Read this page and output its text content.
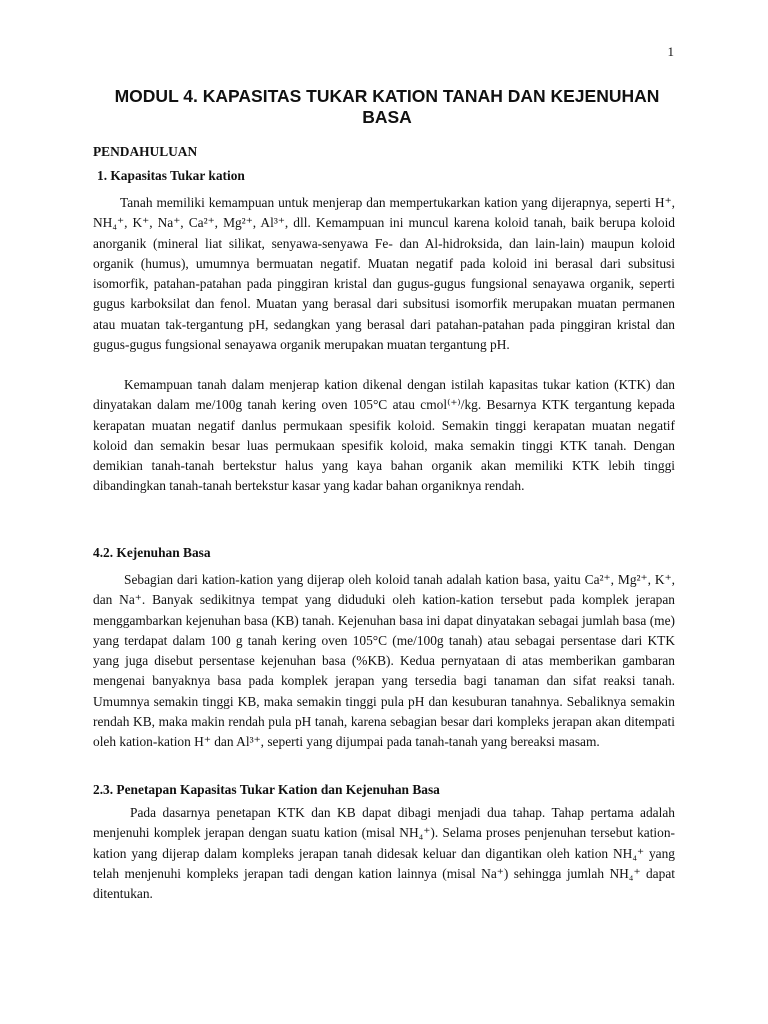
1
MODUL 4. KAPASITAS TUKAR KATION TANAH DAN KEJENUHAN BASA
PENDAHULUAN
1. Kapasitas Tukar kation

Tanah memiliki kemampuan untuk menjerap dan mempertukarkan kation yang dijerapnya, seperti H⁺, NH₄⁺, K⁺, Na⁺, Ca²⁺, Mg²⁺, Al³⁺, dll. Kemampuan ini muncul karena koloid tanah, baik berupa koloid anorganik (mineral liat silikat, senyawa-senyawa Fe- dan Al-hidroksida, dan lain-lain) maupun koloid organik (humus), umumnya bermuatan negatif. Muatan negatif pada koloid ini berasal dari subsitusi isomorfik, patahan-patahan pada pinggiran kristal dan gugus-gugus fungsional senayawa organik, seperti gugus karboksilat dan fenol. Muatan yang berasal dari subsitusi isomorfik merupakan muatan permanen atau muatan tak-tergantung pH, sedangkan yang berasal dari patahan-patahan pada pinggiran kristal dan gugus-gugus fungsional senayawa organik merupakan muatan tergantung pH.

Kemampuan tanah dalam menjerap kation dikenal dengan istilah kapasitas tukar kation (KTK) dan dinyatakan dalam me/100g tanah kering oven 105°C atau cmol⁽⁺⁾/kg. Besarnya KTK tergantung kepada kerapatan muatan negatif danlus permukaan spesifik koloid. Semakin tinggi kerapatan muatan negatif koloid dan semakin besar luas permukaan spesifik koloid, maka semakin tinggi KTK tanah. Dengan demikian tanah-tanah bertekstur halus yang kaya bahan organik akan memiliki KTK lebih tinggi dibandingkan tanah-tanah bertekstur kasar yang kadar bahan organiknya rendah.

4.2. Kejenuhan Basa

Sebagian dari kation-kation yang dijerap oleh koloid tanah adalah kation basa, yaitu Ca²⁺, Mg²⁺, K⁺, dan Na⁺. Banyak sedikitnya tempat yang diduduki oleh kation-kation tersebut pada komplek jerapan menggambarkan kejenuhan basa (KB) tanah. Kejenuhan basa ini dapat dinyatakan sebagai jumlah basa (me) yang terdapat dalam 100 g tanah kering oven 105°C (me/100g tanah) atau sebagai persentase dari KTK yang juga disebut persentase kejenuhan basa (%KB). Kedua pernyataan di atas memberikan gambaran mengenai banyaknya basa pada komplek jerapan yang tersedia bagi tanaman dan sifat reaksi tanah. Umumnya semakin tinggi KB, maka semakin tinggi pula pH dan kesuburan tanahnya. Sebaliknya semakin rendah KB, maka makin rendah pula pH tanah, karena sebagian besar dari kompleks jerapan akan ditempati oleh kation-kation H⁺ dan Al³⁺, seperti yang dijumpai pada tanah-tanah yang bereaksi masam.

2.3. Penetapan Kapasitas Tukar Kation dan Kejenuhan Basa

Pada dasarnya penetapan KTK dan KB dapat dibagi menjadi dua tahap. Tahap pertama adalah menjenuhi komplek jerapan dengan suatu kation (misal NH₄⁺). Selama proses penjenuhan tersebut kation-kation yang dijerap dalam kompleks jerapan tanah didesak keluar dan digantikan oleh kation NH₄⁺ yang telah menjenuhi kompleks jerapan tadi dengan kation lainnya (misal Na⁺) sehingga jumlah NH₄⁺ dapat ditentukan.
